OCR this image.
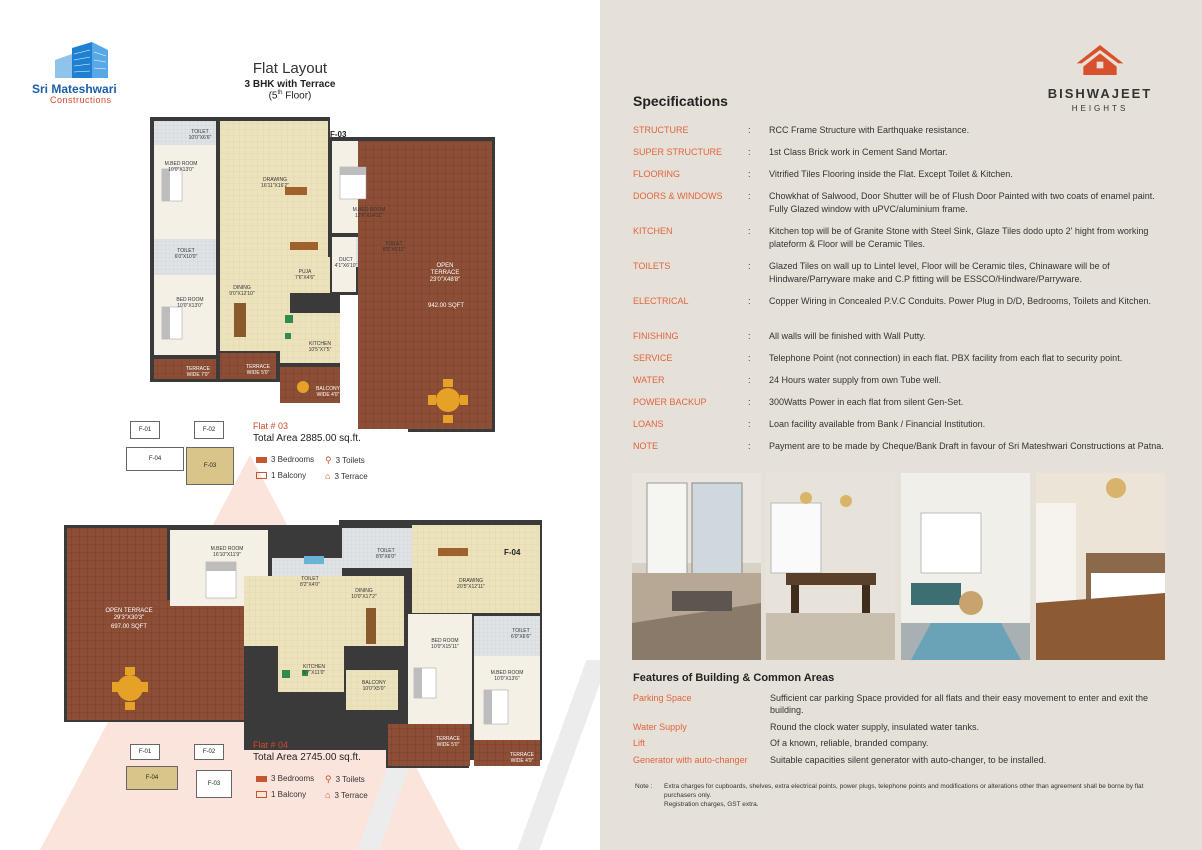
Sri Mateshwari
Constructions
Flat Layout
3 BHK with Terrace
(5th Floor)
F-03
TOILET 10'0"X6'6"
M.BED ROOM
10'0"X13'0"
DRAWING
16'11"X16'2"
M.BED ROOM
12'6"X14'11"
TOILET
6'0"X10'0"
TOILET
8'0"X6'11"
DUCT
4'1"X6'10"
PUJA
7'6"X4'6"
DINING
9'0"X12'10"
BED ROOM
10'0"X13'0"
KITCHEN
10'5"X7'5"
TERRACE
WIDE 7'0"
TERRACE
WIDE 5'0"
BALCONY
WIDE 4'0"
OPEN
TERRACE
23'0"X48'8"
942.00 SQFT
F-01	F-02
F-04
F-03
Flat # 03
Total Area 2885.00 sq.ft.
3 Bedrooms ⚲ 3 Toilets
1 Balcony ⌂ 3 Terrace
F-04
M.BED ROOM
16'10"X11'9"
TOILET
8'2"X4'0"
TOILET
8'0"X6'0"
DRAWING
20'5"X12'11"
DINING
10'0"X17'2"
OPEN TERRACE
29'3"X30'3"
697.00 SQFT
KITCHEN
9'7"X11'0"
BALCONY
10'0"X5'0"
BED ROOM
10'0"X15'11"
TOILET
6'0"X6'6"
M.BED ROOM
10'0"X13'6"
TERRACE
WIDE 5'0"
TERRACE
WIDE 4'0"
F-01	F-02
F-04
F-03
Flat # 04
Total Area 2745.00 sq.ft.
3 Bedrooms ⚲ 3 Toilets
1 Balcony ⌂ 3 Terrace
BISHWAJEET
HEIGHTS
Specifications
STRUCTURE	: RCC Frame Structure with Earthquake resistance.
SUPER STRUCTURE	: 1st Class Brick work in Cement Sand Mortar.
FLOORING	: Vitrified Tiles Flooring inside the Flat. Except Toilet & Kitchen.
DOORS & WINDOWS	: Chowkhat of Salwood, Door Shutter will be of Flush Door Painted with two coats of enamel paint. Fully Glazed window with uPVC/aluminium frame.
KITCHEN	: Kitchen top will be of Granite Stone with Steel Sink, Glaze Tiles dodo upto 2' hight from working plateform & Floor will be Ceramic Tiles.
TOILETS	: Glazed Tiles on wall up to Lintel level, Floor will be Ceramic tiles, Chinaware will be of Hindware/Parryware make and C.P fitting will be ESSCO/Hindware/Parryware.
ELECTRICAL	: Copper Wiring in Concealed P.V.C Conduits. Power Plug in D/D, Bedrooms, Toilets and Kitchen.
FINISHING	: All walls will be finished with Wall Putty.
SERVICE	: Telephone Point (not connection) in each flat. PBX facility from each flat to security point.
WATER	: 24 Hours water supply from own Tube well.
POWER BACKUP	: 300Watts Power in each flat from silent Gen-Set.
LOANS	: Loan facility available from Bank / Financial Institution.
NOTE	: Payment are to be made by Cheque/Bank Draft in favour of Sri Mateshwari Constructions at Patna.
Features of Building & Common Areas
Parking Space	Sufficient car parking Space provided for all flats and their easy movement to enter and exit the building.
Water Supply	Round the clock water supply, insulated water tanks.
Lift	Of a known, reliable, branded company.
Generator with auto-changer Suitable capacities silent generator with auto-changer, to be installed.
Note : Extra charges for cupboards, shelves, extra electrical points, power plugs, telephone points and modifications or alterations other than agreement shall be borne by flat purchasers only.
Registration charges, GST extra.
